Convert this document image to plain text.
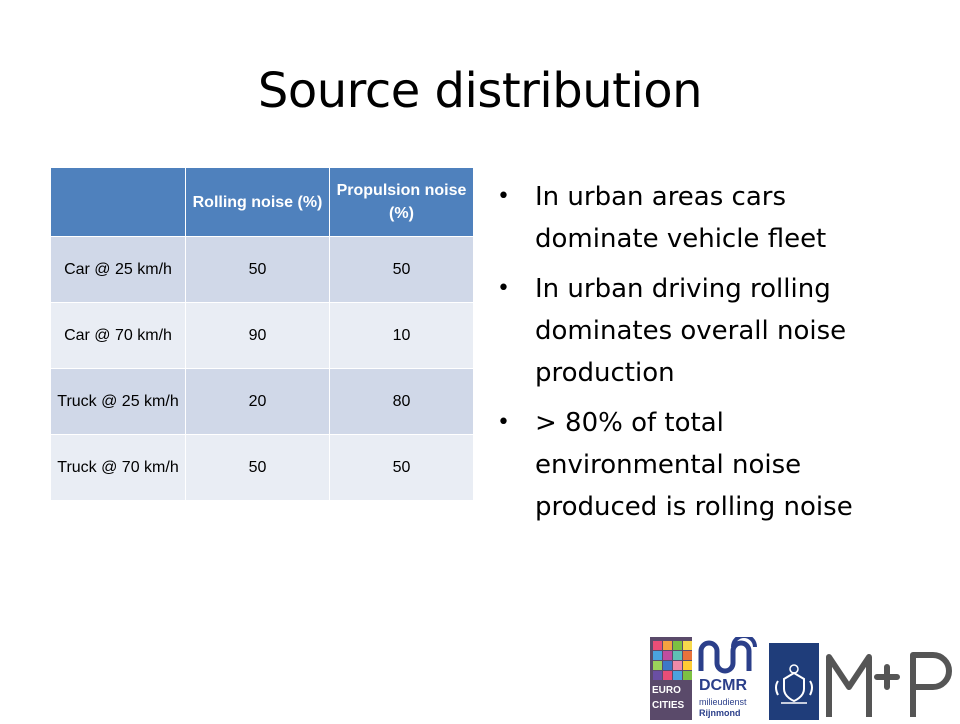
Source distribution
	Rolling noise (%)	Propulsion noise (%)
Car @ 25 km/h	50	50
Car @ 70 km/h	90	10
Truck @ 25 km/h	20	80
Truck @ 70 km/h	50	50
• In urban areas cars dominate vehicle fleet
• In urban driving rolling dominates overall noise production
• > 80% of total environmental noise produced is rolling noise
EURO
CITIES
DCMR
milieudienst
Rijnmond
